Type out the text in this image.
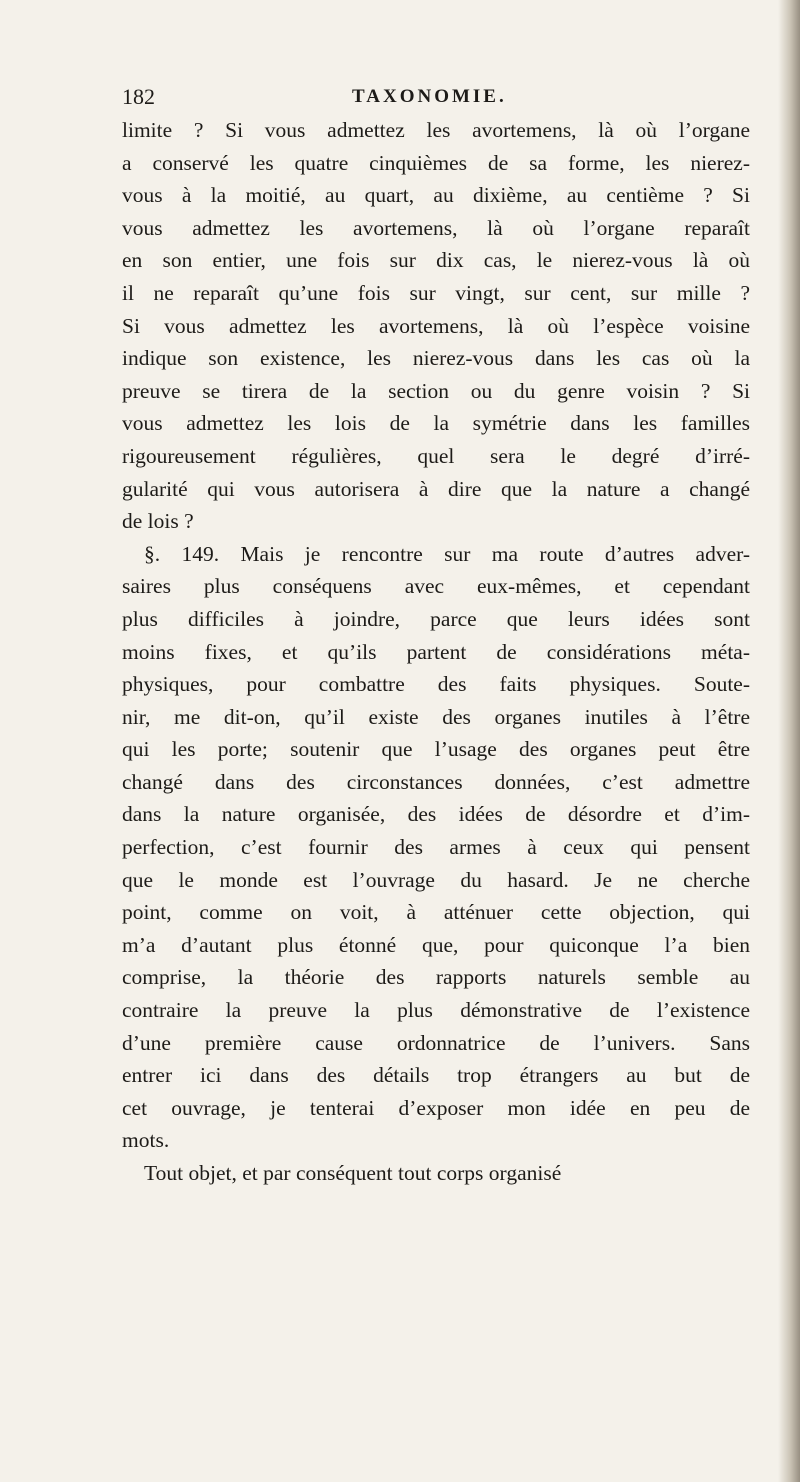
182	TAXONOMIE.
limite ? Si vous admettez les avortemens, là où l’organe
a conservé les quatre cinquièmes de sa forme, les nierez-
vous à la moitié, au quart, au dixième, au centième ? Si
vous admettez les avortemens, là où l’organe reparaît
en son entier, une fois sur dix cas, le nierez-vous là où
il ne reparaît qu’une fois sur vingt, sur cent, sur mille ?
Si vous admettez les avortemens, là où l’espèce voisine
indique son existence, les nierez-vous dans les cas où la
preuve se tirera de la section ou du genre voisin ? Si
vous admettez les lois de la symétrie dans les familles
rigoureusement régulières, quel sera le degré d’irré-
gularité qui vous autorisera à dire que la nature a changé
de lois ?
§. 149. Mais je rencontre sur ma route d’autres adver-
saires plus conséquens avec eux-mêmes, et cependant
plus difficiles à joindre, parce que leurs idées sont
moins fixes, et qu’ils partent de considérations méta-
physiques, pour combattre des faits physiques. Soute-
nir, me dit-on, qu’il existe des organes inutiles à l’être
qui les porte; soutenir que l’usage des organes peut être
changé dans des circonstances données, c’est admettre
dans la nature organisée, des idées de désordre et d’im-
perfection, c’est fournir des armes à ceux qui pensent
que le monde est l’ouvrage du hasard. Je ne cherche
point, comme on voit, à atténuer cette objection, qui
m’a d’autant plus étonné que, pour quiconque l’a bien
comprise, la théorie des rapports naturels semble au
contraire la preuve la plus démonstrative de l’existence
d’une première cause ordonnatrice de l’univers. Sans
entrer ici dans des détails trop étrangers au but de
cet ouvrage, je tenterai d’exposer mon idée en peu de
mots.
Tout objet, et par conséquent tout corps organisé
